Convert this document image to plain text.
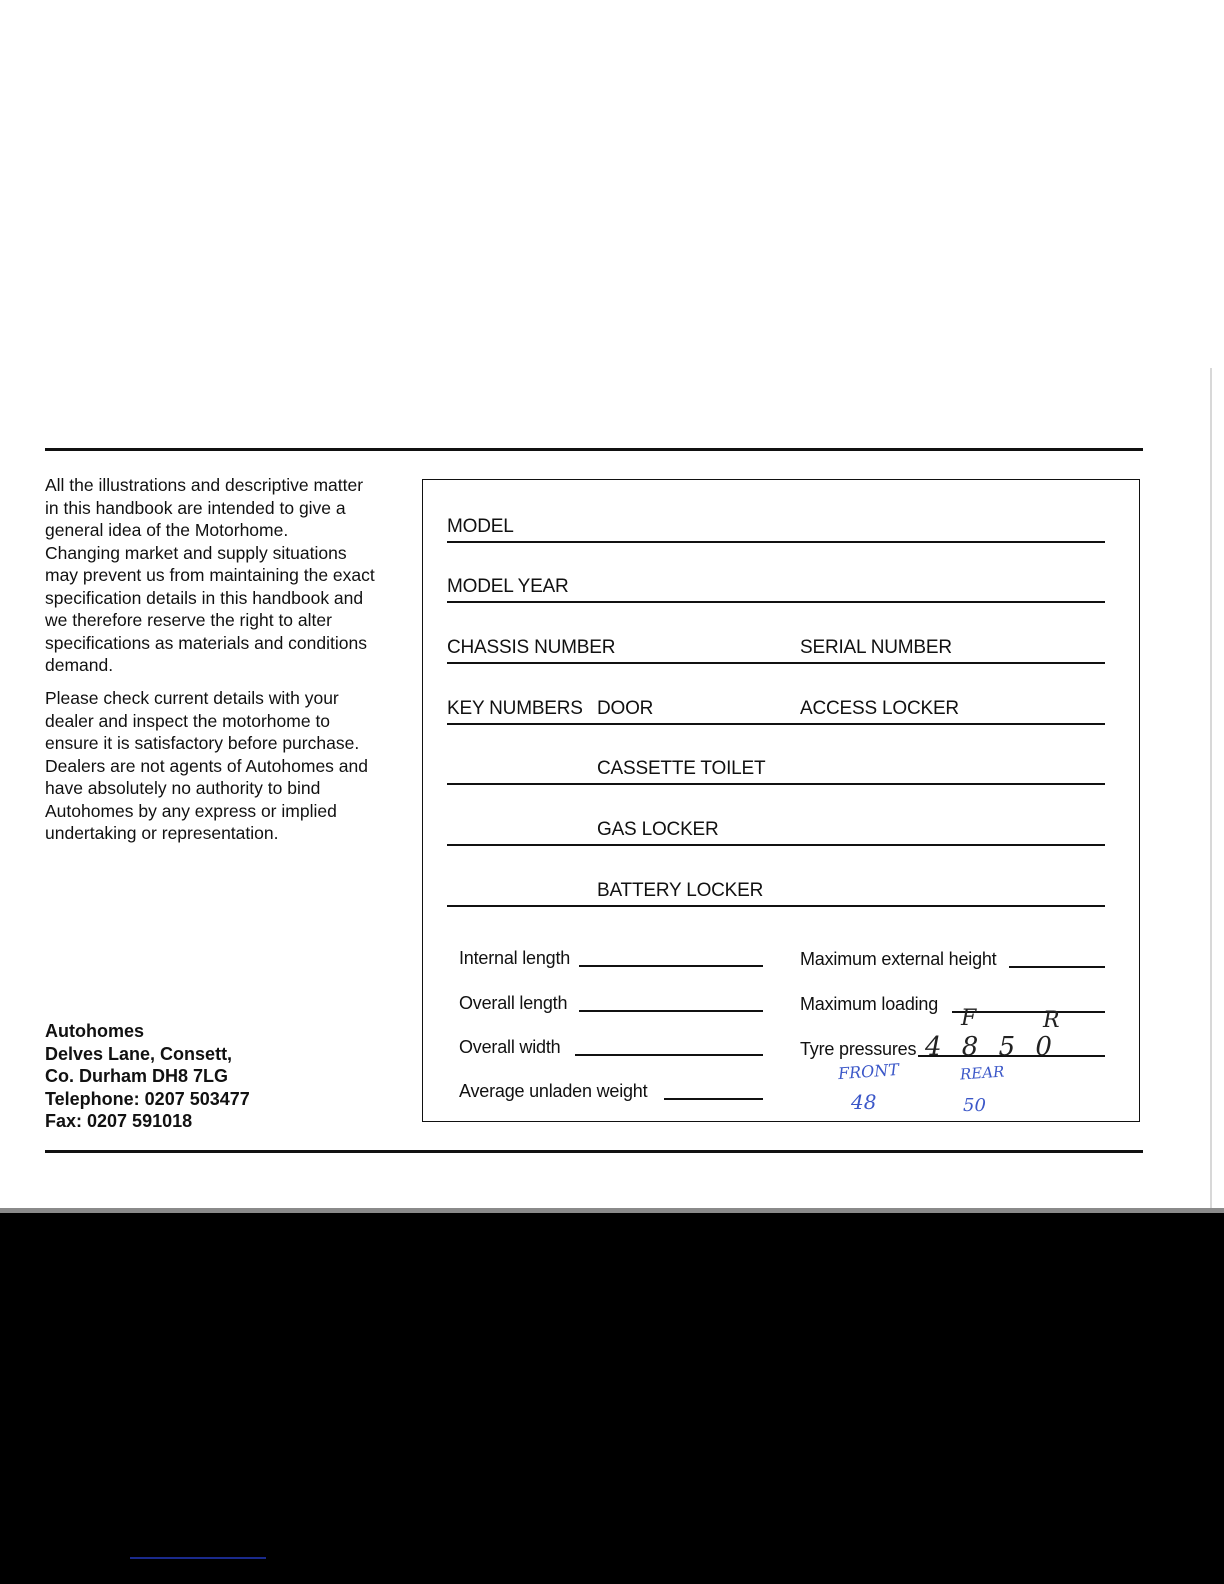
All the illustrations and descriptive matter
in this handbook are intended to give a
general idea of the Motorhome.
Changing market and supply situations
may prevent us from maintaining the exact
specification details in this handbook and
we therefore reserve the right to alter
specifications as materials and conditions
demand.
Please check current details with your
dealer and inspect the motorhome to
ensure it is satisfactory before purchase.
Dealers are not agents of Autohomes and
have absolutely no authority to bind
Autohomes by any express or implied
undertaking or representation.
Autohomes
Delves Lane, Consett,
Co. Durham DH8 7LG
Telephone: 0207 503477
Fax: 0207 591018
MODEL
MODEL YEAR
CHASSIS NUMBER	SERIAL NUMBER
KEY NUMBERS DOOR	ACCESS LOCKER
CASSETTE TOILET
GAS LOCKER
BATTERY LOCKER
Internal length
Overall length
Overall width
Average unladen weight
Maximum external height
Maximum loading
Tyre pressures
F	R
4 8 5 0
FRONT	REAR
48	50
